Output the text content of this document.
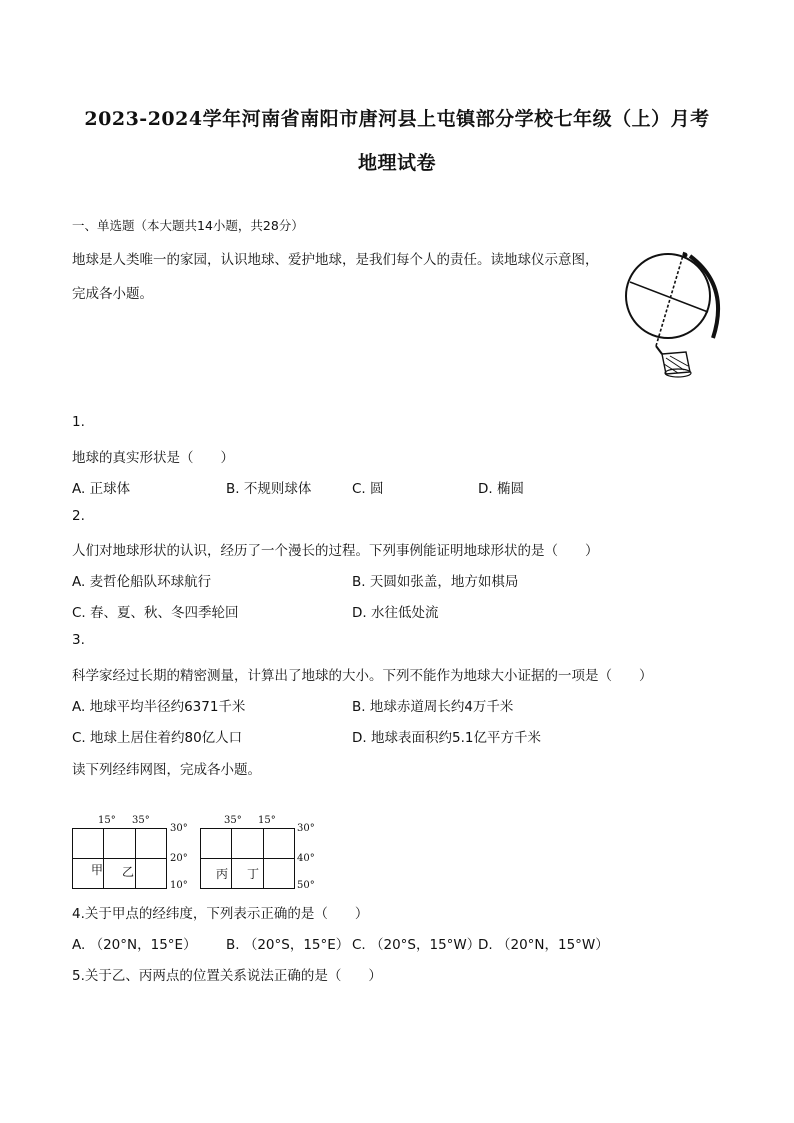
2023-2024学年河南省南阳市唐河县上屯镇部分学校七年级（上）月考
地理试卷
一、单选题（本大题共14小题，共28分）
地球是人类唯一的家园，认识地球、爱护地球，是我们每个人的责任。读地球仪示意图，
完成各小题。
1.
地球的真实形状是（　　）
A. 正球体	B. 不规则球体	C. 圆	D. 椭圆
2.
人们对地球形状的认识，经历了一个漫长的过程。下列事例能证明地球形状的是（　　）
A. 麦哲伦船队环球航行	B. 天圆如张盖，地方如棋局
C. 春、夏、秋、冬四季轮回	D. 水往低处流
3.
科学家经过长期的精密测量，计算出了地球的大小。下列不能作为地球大小证据的一项是（　　）
A. 地球平均半径约6371千米	B. 地球赤道周长约4万千米
C. 地球上居住着约80亿人口	D. 地球表面积约5.1亿平方千米
读下列经纬网图，完成各小题。
15° 35°
30°
20°
10°
甲 乙
35° 15°
30°
40°
50°
丙 丁
4.关于甲点的经纬度，下列表示正确的是（　　）
A. （20°N，15°E） B. （20°S，15°E） C. （20°S，15°W）
D. （20°N，15°W）
5.关于乙、丙两点的位置关系说法正确的是（　　）
